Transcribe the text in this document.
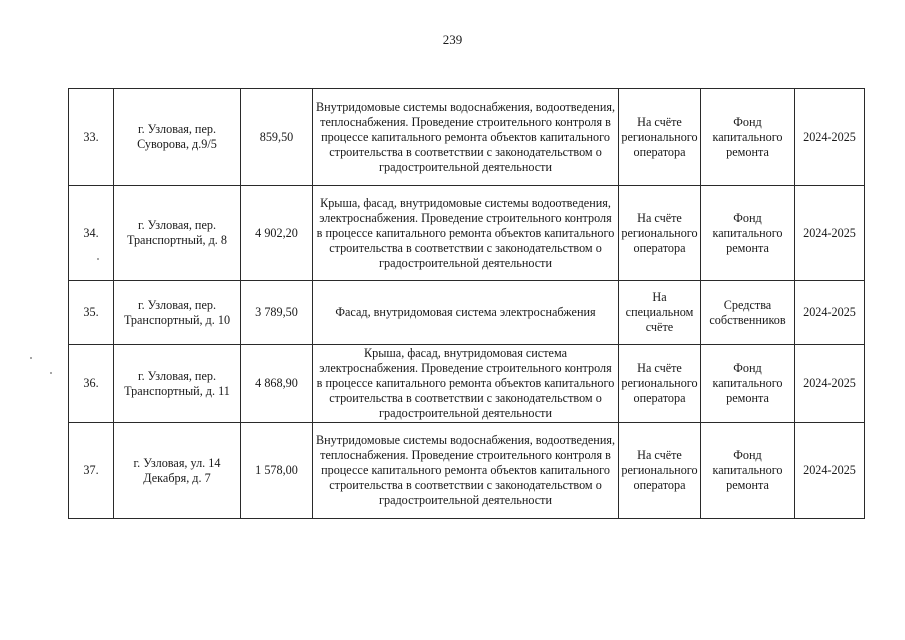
239
33.	г. Узловая, пер. Суворова, д.9/5	859,50	Внутридомовые системы водоснабжения, водоотведения, теплоснабжения. Проведение строительного контроля в процессе капитального ремонта объектов капитального строительства в соответствии с законодательством о градостроительной деятельности	На счёте регионального оператора	Фонд капитального ремонта	2024-2025
34.	г. Узловая, пер. Транспортный, д. 8	4 902,20	Крыша, фасад, внутридомовые системы водоотведения, электроснабжения. Проведение строительного контроля в процессе капитального ремонта объектов капитального строительства в соответствии с законодательством о градостроительной деятельности	На счёте регионального оператора	Фонд капитального ремонта	2024-2025
35.	г. Узловая, пер. Транспортный, д. 10	3 789,50	Фасад, внутридомовая система электроснабжения	На специальном счёте	Средства собственников	2024-2025
36.	г. Узловая, пер. Транспортный, д. 11	4 868,90	Крыша, фасад, внутридомовая система электроснабжения. Проведение строительного контроля в процессе капитального ремонта объектов капитального строительства в соответствии с законодательством о градостроительной деятельности	На счёте регионального оператора	Фонд капитального ремонта	2024-2025
37.	г. Узловая, ул. 14 Декабря, д. 7	1 578,00	Внутридомовые системы водоснабжения, водоотведения, теплоснабжения. Проведение строительного контроля в процессе капитального ремонта объектов капитального строительства в соответствии с законодательством о градостроительной деятельности	На счёте регионального оператора	Фонд капитального ремонта	2024-2025
